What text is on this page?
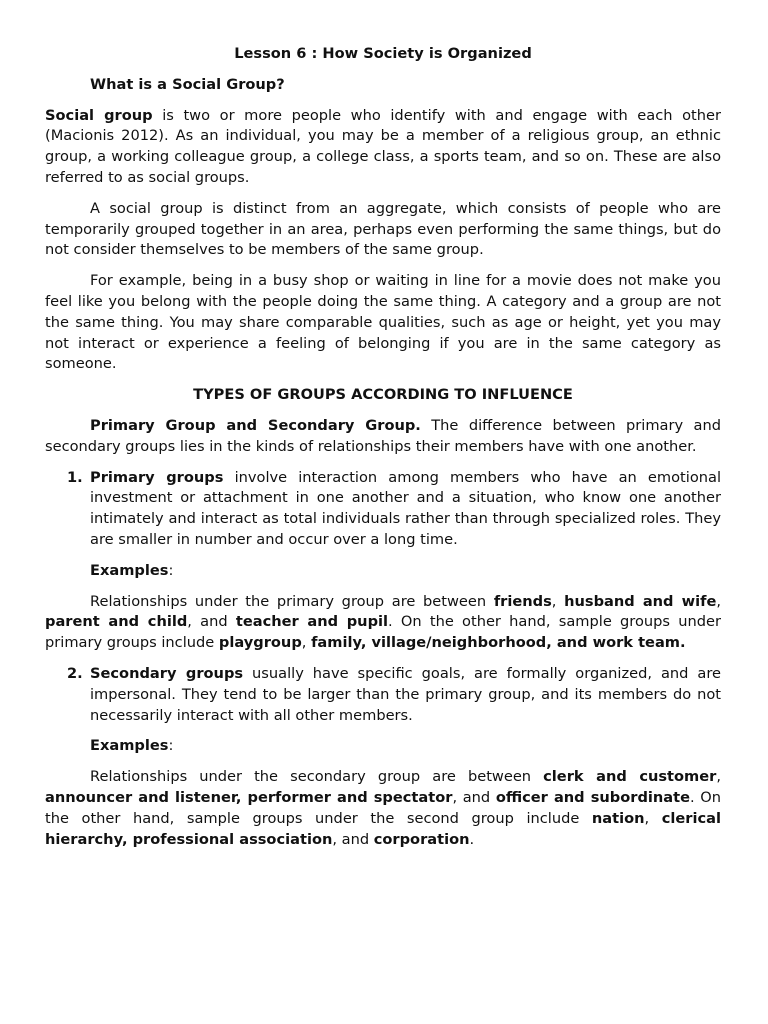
Lesson 6 : How Society is Organized

What is a Social Group?

Social group is two or more people who identify with and engage with each other (Macionis 2012). As an individual, you may be a member of a religious group, an ethnic group, a working colleague group, a college class, a sports team, and so on. These are also referred to as social groups.

A social group is distinct from an aggregate, which consists of people who are temporarily grouped together in an area, perhaps even performing the same things, but do not consider themselves to be members of the same group.

For example, being in a busy shop or waiting in line for a movie does not make you feel like you belong with the people doing the same thing. A category and a group are not the same thing. You may share comparable qualities, such as age or height, yet you may not interact or experience a feeling of belonging if you are in the same category as someone.

TYPES OF GROUPS ACCORDING TO INFLUENCE

Primary Group and Secondary Group. The difference between primary and secondary groups lies in the kinds of relationships their members have with one another.

1. Primary groups involve interaction among members who have an emotional investment or attachment in one another and a situation, who know one another intimately and interact as total individuals rather than through specialized roles. They are smaller in number and occur over a long time.

Examples:

Relationships under the primary group are between friends, husband and wife, parent and child, and teacher and pupil. On the other hand, sample groups under primary groups include playgroup, family, village/neighborhood, and work team.

2. Secondary groups usually have specific goals, are formally organized, and are impersonal. They tend to be larger than the primary group, and its members do not necessarily interact with all other members.

Examples:

Relationships under the secondary group are between clerk and customer, announcer and listener, performer and spectator, and officer and subordinate. On the other hand, sample groups under the second group include nation, clerical hierarchy, professional association, and corporation.
